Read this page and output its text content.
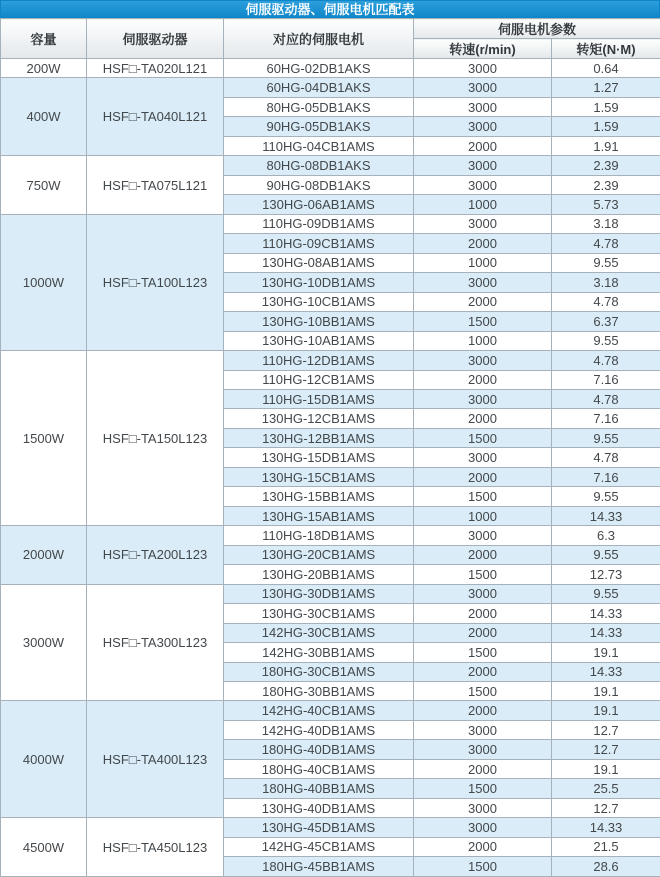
伺服驱动器、伺服电机匹配表
容量	伺服驱动器	对应的伺服电机	伺服电机参数	
			转速(r/min)	转矩(N·M)
200W	HSF□-TA020L121	60HG-02DB1AKS	3000	0.64
400W	HSF□-TA040L121	60HG-04DB1AKS	3000	1.27
		80HG-05DB1AKS	3000	1.59
		90HG-05DB1AKS	3000	1.59
		110HG-04CB1AMS	2000	1.91
750W	HSF□-TA075L121	80HG-08DB1AKS	3000	2.39
		90HG-08DB1AKS	3000	2.39
		130HG-06AB1AMS	1000	5.73
1000W	HSF□-TA100L123	110HG-09DB1AMS	3000	3.18
		110HG-09CB1AMS	2000	4.78
		130HG-08AB1AMS	1000	9.55
		130HG-10DB1AMS	3000	3.18
		130HG-10CB1AMS	2000	4.78
		130HG-10BB1AMS	1500	6.37
		130HG-10AB1AMS	1000	9.55
1500W	HSF□-TA150L123	110HG-12DB1AMS	3000	4.78
		110HG-12CB1AMS	2000	7.16
		110HG-15DB1AMS	3000	4.78
		130HG-12CB1AMS	2000	7.16
		130HG-12BB1AMS	1500	9.55
		130HG-15DB1AMS	3000	4.78
		130HG-15CB1AMS	2000	7.16
		130HG-15BB1AMS	1500	9.55
		130HG-15AB1AMS	1000	14.33
2000W	HSF□-TA200L123	110HG-18DB1AMS	3000	6.3
		130HG-20CB1AMS	2000	9.55
		130HG-20BB1AMS	1500	12.73
3000W	HSF□-TA300L123	130HG-30DB1AMS	3000	9.55
		130HG-30CB1AMS	2000	14.33
		142HG-30CB1AMS	2000	14.33
		142HG-30BB1AMS	1500	19.1
		180HG-30CB1AMS	2000	14.33
		180HG-30BB1AMS	1500	19.1
4000W	HSF□-TA400L123	142HG-40CB1AMS	2000	19.1
		142HG-40DB1AMS	3000	12.7
		180HG-40DB1AMS	3000	12.7
		180HG-40CB1AMS	2000	19.1
		180HG-40BB1AMS	1500	25.5
		130HG-40DB1AMS	3000	12.7
4500W	HSF□-TA450L123	130HG-45DB1AMS	3000	14.33
		142HG-45CB1AMS	2000	21.5
		180HG-45BB1AMS	1500	28.6
